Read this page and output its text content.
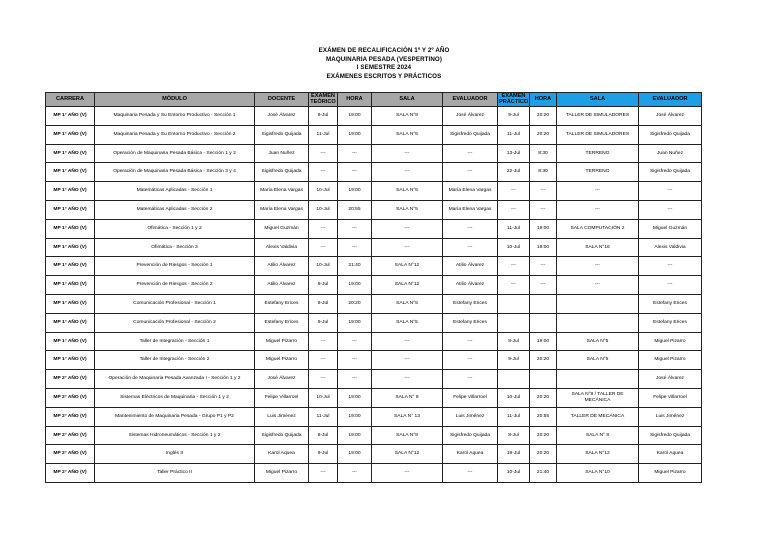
EXÁMEN DE RECALIFICACIÓN 1º Y 2º AÑO
MAQUINARIA PESADA (VESPERTINO)
I SEMESTRE 2024
EXÁMENES ESCRITOS Y PRÁCTICOS
CARRERA	MÓDULO	DOCENTE	EXAMEN TEÓRICO	HORA	SALA	EVALUADOR	EXAMEN PRÁCTICO	HORA	SALA	EVALUADOR
MP 1° AÑO (V)	Maquinaria Pesada y Su Entorno Productivo - Sección 1	José Álvarez	9-Jul	19:00	SALA N°9	José Álvarez	9-Jul	20:20	TALLER DE SIMULADORES	José Álvarez
MP 1° AÑO (V)	Maquinaria Pesada y Su Entorno Productivo - Sección 2	Sigisfredo Quijada	11-Jul	19:00	SALA N°5	Sigisfredo Quijada	11-Jul	20:20	TALLER DE SIMULADORES	Sigisfredo Quijada
MP 1° AÑO (V)	Operación de Maquinaria Pesada Básica - Sección 1 y 2	Juan Nuñez	---	---	---	---	13-Jul	8:30	TERRENO	Juan Nuñez
MP 1° AÑO (V)	Operación de Maquinaria Pesada Básica - Sección 3 y 4	Sigisfredo Quijada	---	---	---	---	22-Jul	8:30	TERRENO	Sigisfredo Quijada
MP 1° AÑO (V)	Matemáticas Aplicadas - Sección 1	María Elena Vargas	10-Jul	19:00	SALA N°5	María Elena Vargas	---	---	---	---
MP 1° AÑO (V)	Matemáticas Aplicadas - Sección 2	María Elena Vargas	10-Jul	20:55	SALA N°5	María Elena Vargas	---	---	---	---
MP 1° AÑO (V)	Ofimática - Sección 1 y 2	Miguel Guzmán	---	---	---	---	11-Jul	19:00	SALA COMPUTACIÓN 2	Miguel Guzmán
MP 1° AÑO (V)	Ofimática - Sección 3	Alexis Valdivia	---	---	---	---	10-Jul	19:00	SALA N°16	Alexis Valdivia
MP 1° AÑO (V)	Prevención de Riesgos - Sección 1	Atilio Álvarez	10-Jul	21:40	SALA N°12	Atilio Álvarez	---	---	---	---
MP 1° AÑO (V)	Prevención de Riesgos - Sección 2	Atilio Álvarez	8-Jul	19:00	SALA N°12	Atilio Álvarez	---	---	---	---
MP 1° AÑO (V)	Comunicación Profesional - Sección 1	Estefany Erices	8-Jul	20:20	SALA N°5	Estefany Erices				Estefany Erices
MP 1° AÑO (V)	Comunicación Profesional - Sección 2	Estefany Erices	9-Jul	19:00	SALA N°5	Estefany Erices				Estefany Erices
MP 1° AÑO (V)	Taller de Integración - Sección 1	Miguel Pizarro	---	---	---	---	8-Jul	19:00	SALA N°5	Miguel Pizarro
MP 1° AÑO (V)	Taller de Integración - Sección 2	Miguel Pizarro	---	---	---	---	9-Jul	20:20	SALA N°5	Miguel Pizarro
MP 2° AÑO (V)	Operación de Maquinaria Pesada Avanzada I - Sección 1 y 2	José Álvarez	---	---	---	---				José Álvarez
MP 2° AÑO (V)	Sistemas Eléctricos de Maquinaria - Sección 1 y 2	Felipe Villarroel	10-Jul	19:00	SALA N° 8	Felipe Villarroel	10-Jul	20:20	SALA N°8 / TALLER DE MECÁNICA	Felipe Villarroel
MP 2° AÑO (V)	Mantenimiento de Maquinaria Pesada - Grupo P1 y P2	Luis Jiménez	11-Jul	19:00	SALA N° 13	Luis Jiménez	11-Jul	20:55	TALLER DE MECÁNICA	Luis Jiménez
MP 2° AÑO (V)	Sistemas Hidroneumáticos - Sección 1 y 2	Sigisfredo Quijada	8-Jul	19:00	SALA N°9	Sigisfredo Quijada	8-Jul	20:20	SALA N° 8	Sigisfredo Quijada
MP 2° AÑO (V)	Inglés II	Karol Aquea	9-Jul	19:00	SALA N°12	Karol Aquea	19-Jul	20:20	SALA N°12	Karol Aquea
MP 2° AÑO (V)	Taller Práctico II	Miguel Pizarro	---	---	---	---	10-Jul	21:40	SALA N°10	Miguel Pizarro
